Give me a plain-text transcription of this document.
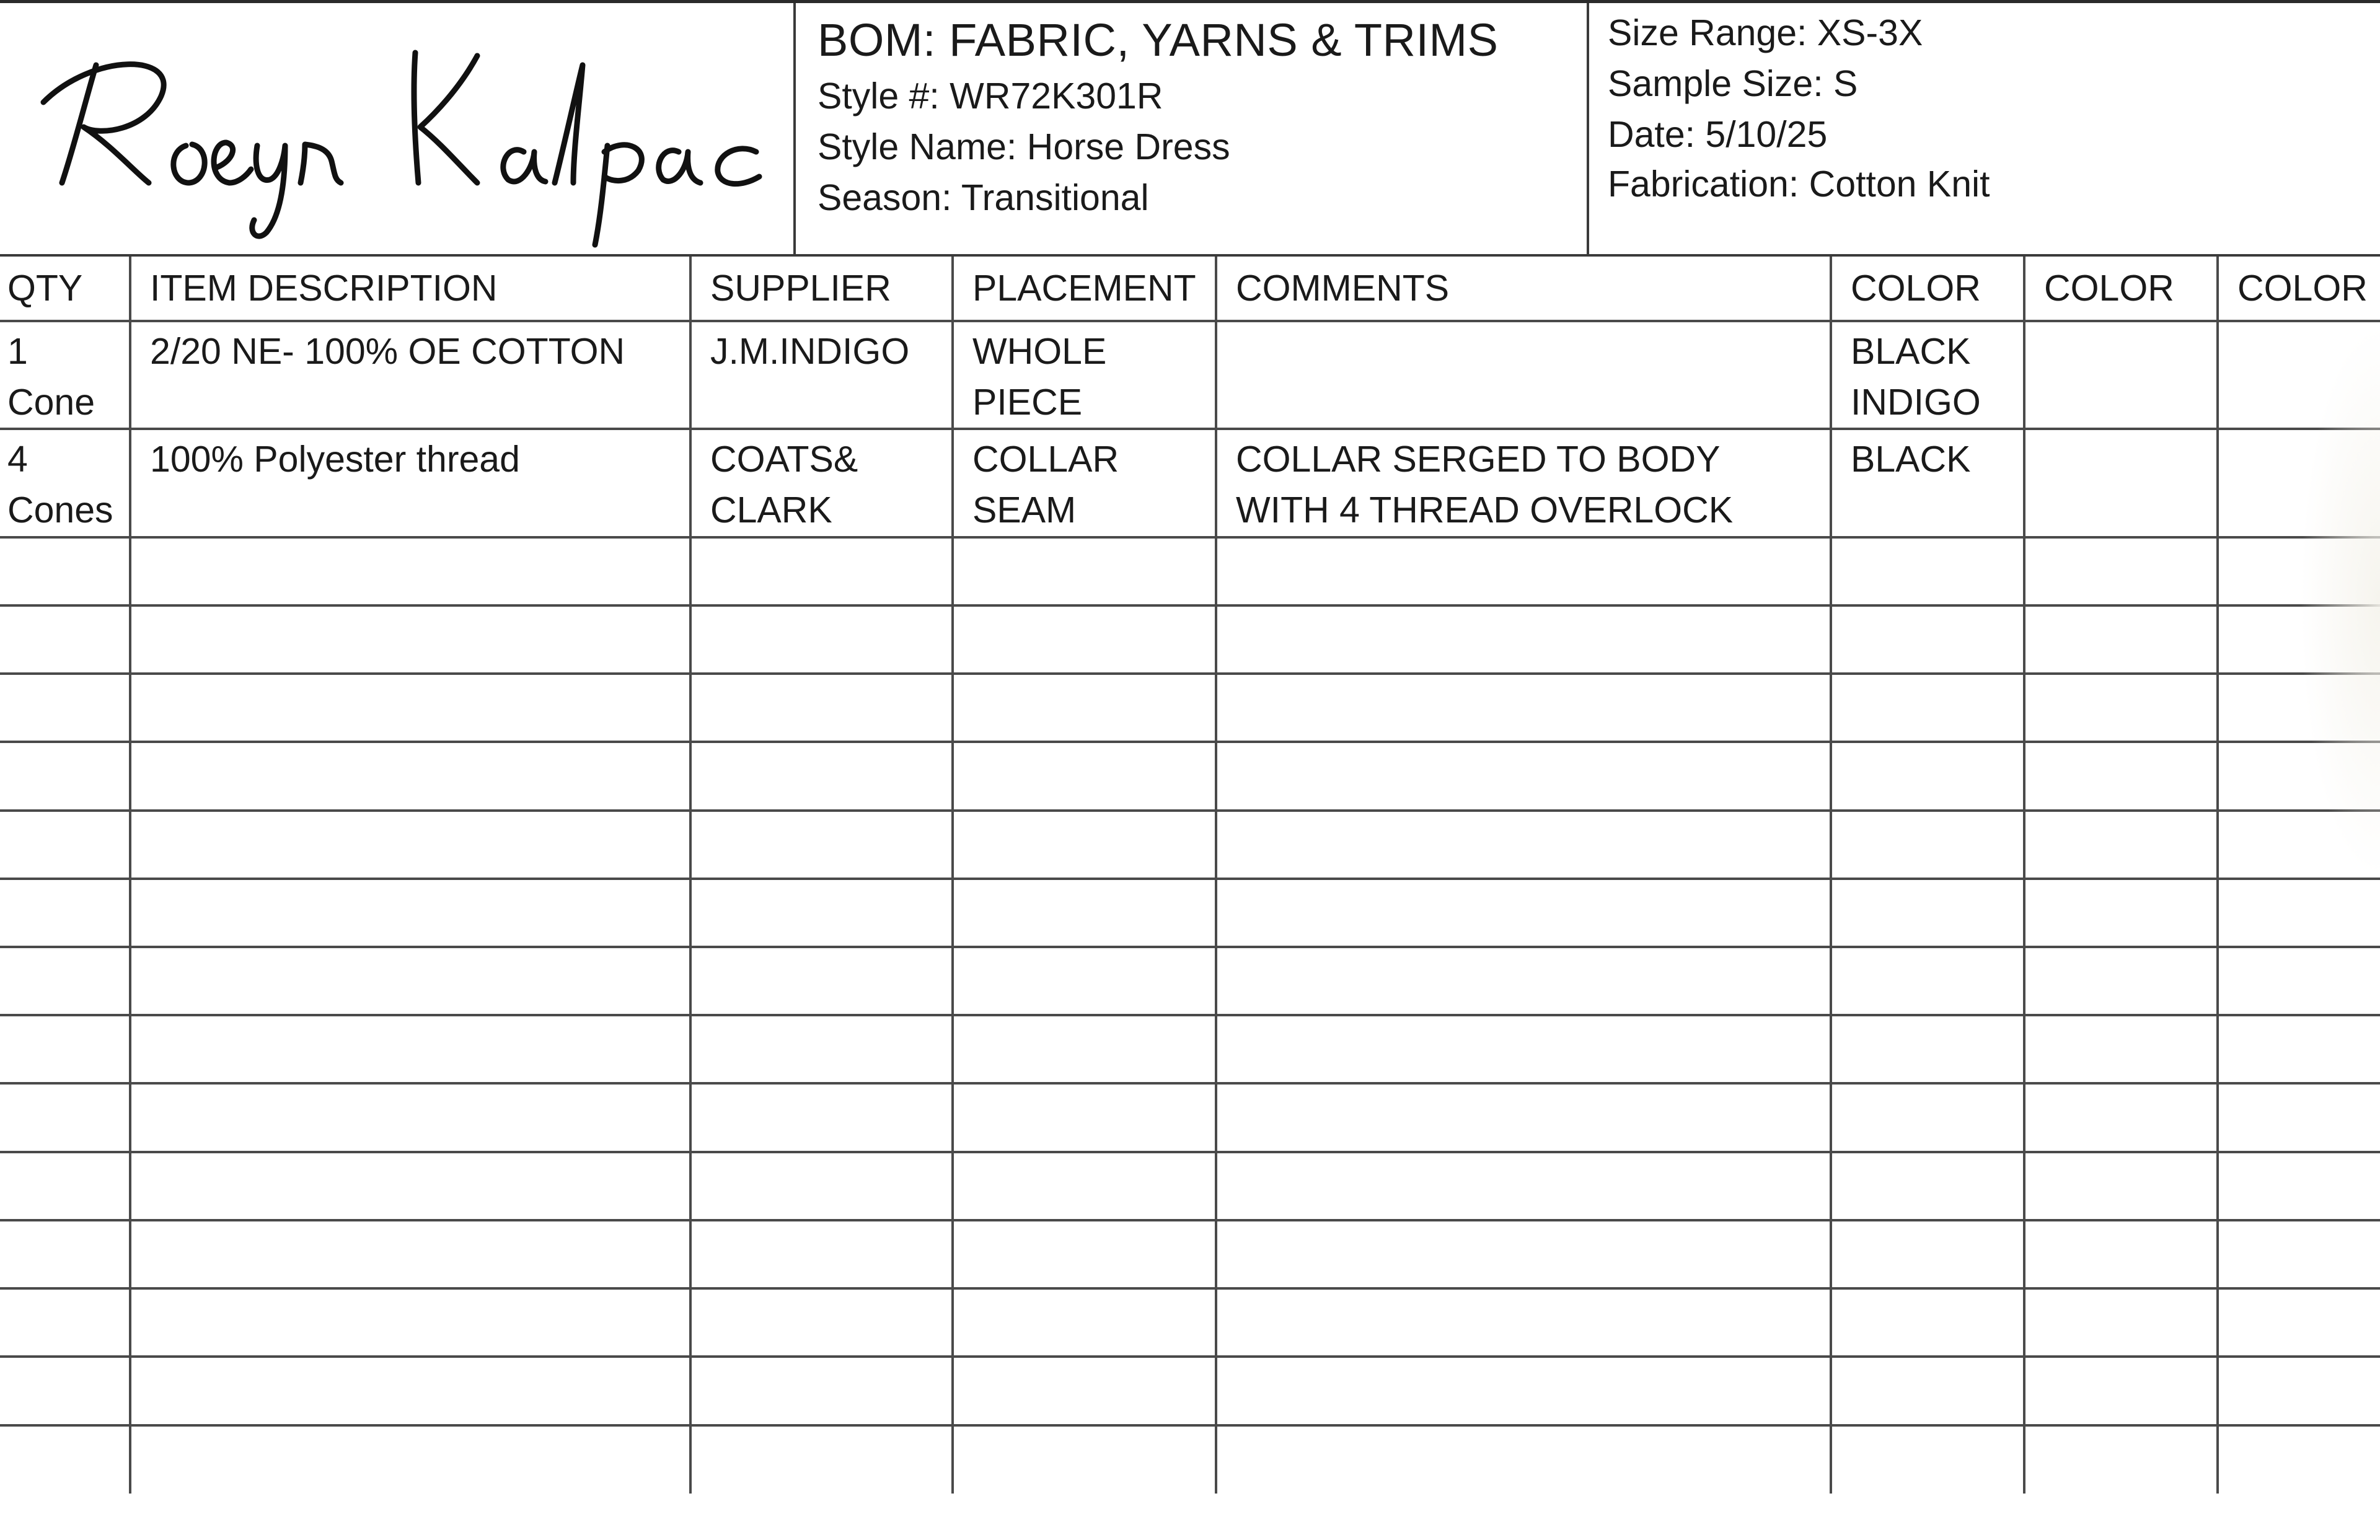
BOM: FABRIC, YARNS & TRIMS
Style #: WR72K301R
Style Name: Horse Dress
Season: Transitional
Size Range: XS-3X
Sample Size: S
Date: 5/10/25
Fabrication: Cotton Knit
QTY	ITEM DESCRIPTION	SUPPLIER	PLACEMENT	COMMENTS	COLOR	COLOR	COLOR
1 Cone	2/20 NE- 100% OE COTTON	J.M.INDIGO	WHOLE PIECE		BLACK INDIGO		
4 Cones	100% Polyester thread	COATS& CLARK	COLLAR SEAM	COLLAR SERGED TO BODY WITH 4 THREAD OVERLOCK	BLACK		
